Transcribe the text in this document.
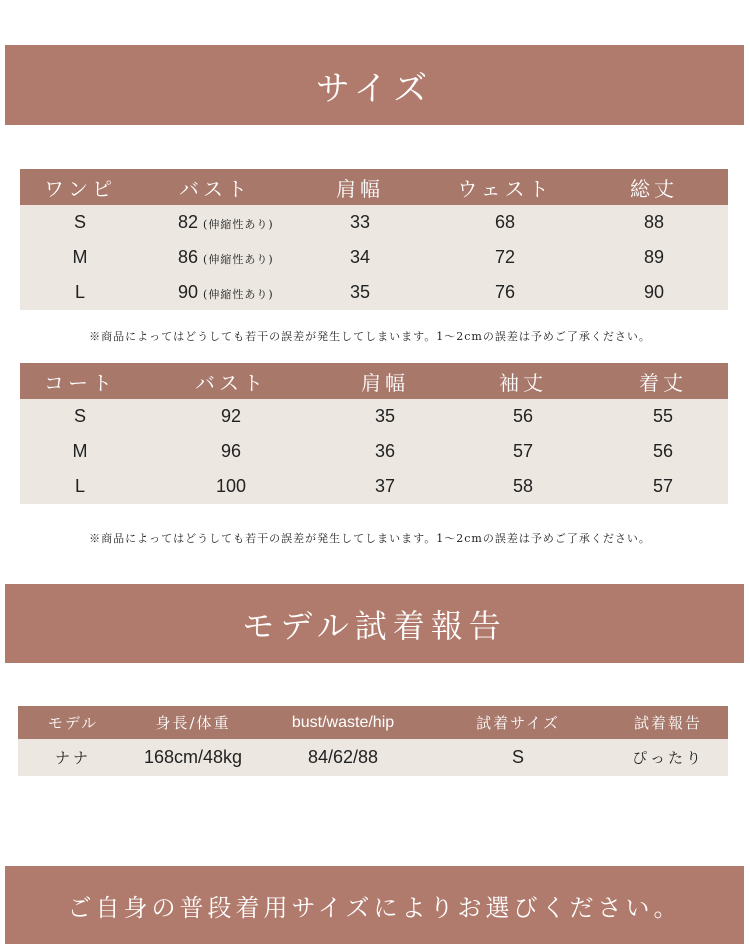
サイズ
ワンピ	バスト	肩幅	ウェスト	総丈
S	82 (伸縮性あり)	33	68	88
M	86 (伸縮性あり)	34	72	89
L	90 (伸縮性あり)	35	76	90
※商品によってはどうしても若干の誤差が発生してしまいます。1～2cmの誤差は予めご了承ください。
コート	バスト	肩幅	袖丈	着丈
S	92	35	56	55
M	96	36	57	56
L	100	37	58	57
※商品によってはどうしても若干の誤差が発生してしまいます。1～2cmの誤差は予めご了承ください。
モデル試着報告
モデル	身長/体重	bust/waste/hip	試着サイズ	試着報告
ナナ	168cm/48kg	84/62/88	S	ぴったり
ご自身の普段着用サイズによりお選びください。
